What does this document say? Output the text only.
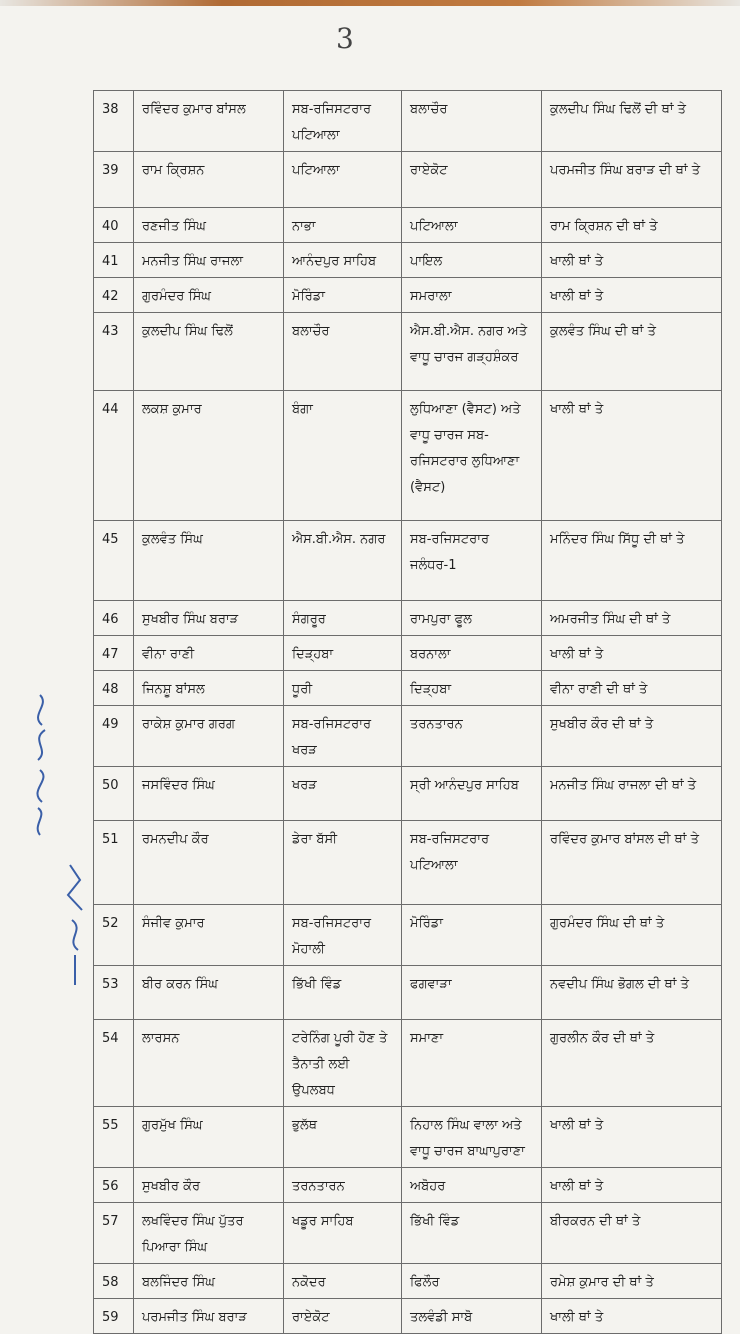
3
38	ਰਵਿੰਦਰ ਕੁਮਾਰ ਬਾਂਸਲ	ਸਬ-ਰਜਿਸਟਰਾਰ ਪਟਿਆਲਾ	ਬਲਾਚੌਰ	ਕੁਲਦੀਪ ਸਿੰਘ ਢਿਲੋਂ ਦੀ ਥਾਂ ਤੇ
39	ਰਾਮ ਕ੍ਰਿਸ਼ਨ	ਪਟਿਆਲਾ	ਰਾਏਕੋਟ	ਪਰਮਜੀਤ ਸਿੰਘ ਬਰਾੜ ਦੀ ਥਾਂ ਤੇ
40	ਰਣਜੀਤ ਸਿੰਘ	ਨਾਭਾ	ਪਟਿਆਲਾ	ਰਾਮ ਕ੍ਰਿਸ਼ਨ ਦੀ ਥਾਂ ਤੇ
41	ਮਨਜੀਤ ਸਿੰਘ ਰਾਜਲਾ	ਆਨੰਦਪੁਰ ਸਾਹਿਬ	ਪਾਇਲ	ਖਾਲੀ ਥਾਂ ਤੇ
42	ਗੁਰਮੰਦਰ ਸਿੰਘ	ਮੋਰਿੰਡਾ	ਸਮਰਾਲਾ	ਖਾਲੀ ਥਾਂ ਤੇ
43	ਕੁਲਦੀਪ ਸਿੰਘ ਢਿਲੋਂ	ਬਲਾਚੌਰ	ਐਸ.ਬੀ.ਐਸ. ਨਗਰ ਅਤੇ ਵਾਧੂ ਚਾਰਜ ਗੜ੍ਹਸ਼ੰਕਰ	ਕੁਲਵੰਤ ਸਿੰਘ ਦੀ ਥਾਂ ਤੇ
44	ਲਕਸ਼ ਕੁਮਾਰ	ਬੰਗਾ	ਲੁਧਿਆਣਾ (ਵੈਸਟ) ਅਤੇ ਵਾਧੂ ਚਾਰਜ ਸਬ-ਰਜਿਸਟਰਾਰ ਲੁਧਿਆਣਾ (ਵੈਸਟ)	ਖਾਲੀ ਥਾਂ ਤੇ
45	ਕੁਲਵੰਤ ਸਿੰਘ	ਐਸ.ਬੀ.ਐਸ. ਨਗਰ	ਸਬ-ਰਜਿਸਟਰਾਰ ਜਲੰਧਰ-1	ਮਨਿੰਦਰ ਸਿੰਘ ਸਿੱਧੂ ਦੀ ਥਾਂ ਤੇ
46	ਸੁਖਬੀਰ ਸਿੰਘ ਬਰਾੜ	ਸੰਗਰੂਰ	ਰਾਮਪੁਰਾ ਫੂਲ	ਅਮਰਜੀਤ ਸਿੰਘ ਦੀ ਥਾਂ ਤੇ
47	ਵੀਨਾ ਰਾਣੀ	ਦਿੜ੍ਹਬਾ	ਬਰਨਾਲਾ	ਖਾਲੀ ਥਾਂ ਤੇ
48	ਜਿਨਸ਼ੂ ਬਾਂਸਲ	ਧੂਰੀ	ਦਿੜ੍ਹਬਾ	ਵੀਨਾ ਰਾਣੀ ਦੀ ਥਾਂ ਤੇ
49	ਰਾਕੇਸ਼ ਕੁਮਾਰ ਗਰਗ	ਸਬ-ਰਜਿਸਟਰਾਰ ਖਰੜ	ਤਰਨਤਾਰਨ	ਸੁਖਬੀਰ ਕੌਰ ਦੀ ਥਾਂ ਤੇ
50	ਜਸਵਿੰਦਰ ਸਿੰਘ	ਖਰੜ	ਸ੍ਰੀ ਆਨੰਦਪੁਰ ਸਾਹਿਬ	ਮਨਜੀਤ ਸਿੰਘ ਰਾਜਲਾ ਦੀ ਥਾਂ ਤੇ
51	ਰਮਨਦੀਪ ਕੌਰ	ਡੇਰਾ ਬੱਸੀ	ਸਬ-ਰਜਿਸਟਰਾਰ ਪਟਿਆਲਾ	ਰਵਿੰਦਰ ਕੁਮਾਰ ਬਾਂਸਲ ਦੀ ਥਾਂ ਤੇ
52	ਸੰਜੀਵ ਕੁਮਾਰ	ਸਬ-ਰਜਿਸਟਰਾਰ ਮੋਹਾਲੀ	ਮੋਰਿੰਡਾ	ਗੁਰਮੰਦਰ ਸਿੰਘ ਦੀ ਥਾਂ ਤੇ
53	ਬੀਰ ਕਰਨ ਸਿੰਘ	ਭਿੱਖੀ ਵਿੰਡ	ਫਗਵਾੜਾ	ਨਵਦੀਪ ਸਿੰਘ ਭੋਗਲ ਦੀ ਥਾਂ ਤੇ
54	ਲਾਰਸਨ	ਟਰੇਨਿੰਗ ਪੂਰੀ ਹੋਣ ਤੇ ਤੈਨਾਤੀ ਲਈ ਉਪਲਬਧ	ਸਮਾਣਾ	ਗੁਰਲੀਨ ਕੌਰ ਦੀ ਥਾਂ ਤੇ
55	ਗੁਰਮੁੱਖ ਸਿੰਘ	ਭੁਲੱਥ	ਨਿਹਾਲ ਸਿੰਘ ਵਾਲਾ ਅਤੇ ਵਾਧੂ ਚਾਰਜ ਬਾਘਾਪੁਰਾਣਾ	ਖਾਲੀ ਥਾਂ ਤੇ
56	ਸੁਖਬੀਰ ਕੌਰ	ਤਰਨਤਾਰਨ	ਅਬੋਹਰ	ਖਾਲੀ ਥਾਂ ਤੇ
57	ਲਖਵਿੰਦਰ ਸਿੰਘ ਪੁੱਤਰ ਪਿਆਰਾ ਸਿੰਘ	ਖਡੂਰ ਸਾਹਿਬ	ਭਿੱਖੀ ਵਿੰਡ	ਬੀਰਕਰਨ ਦੀ ਥਾਂ ਤੇ
58	ਬਲਜਿੰਦਰ ਸਿੰਘ	ਨਕੋਦਰ	ਫਿਲੌਰ	ਰਮੇਸ਼ ਕੁਮਾਰ ਦੀ ਥਾਂ ਤੇ
59	ਪਰਮਜੀਤ ਸਿੰਘ ਬਰਾੜ	ਰਾਏਕੋਟ	ਤਲਵੰਡੀ ਸਾਬੋ	ਖਾਲੀ ਥਾਂ ਤੇ
